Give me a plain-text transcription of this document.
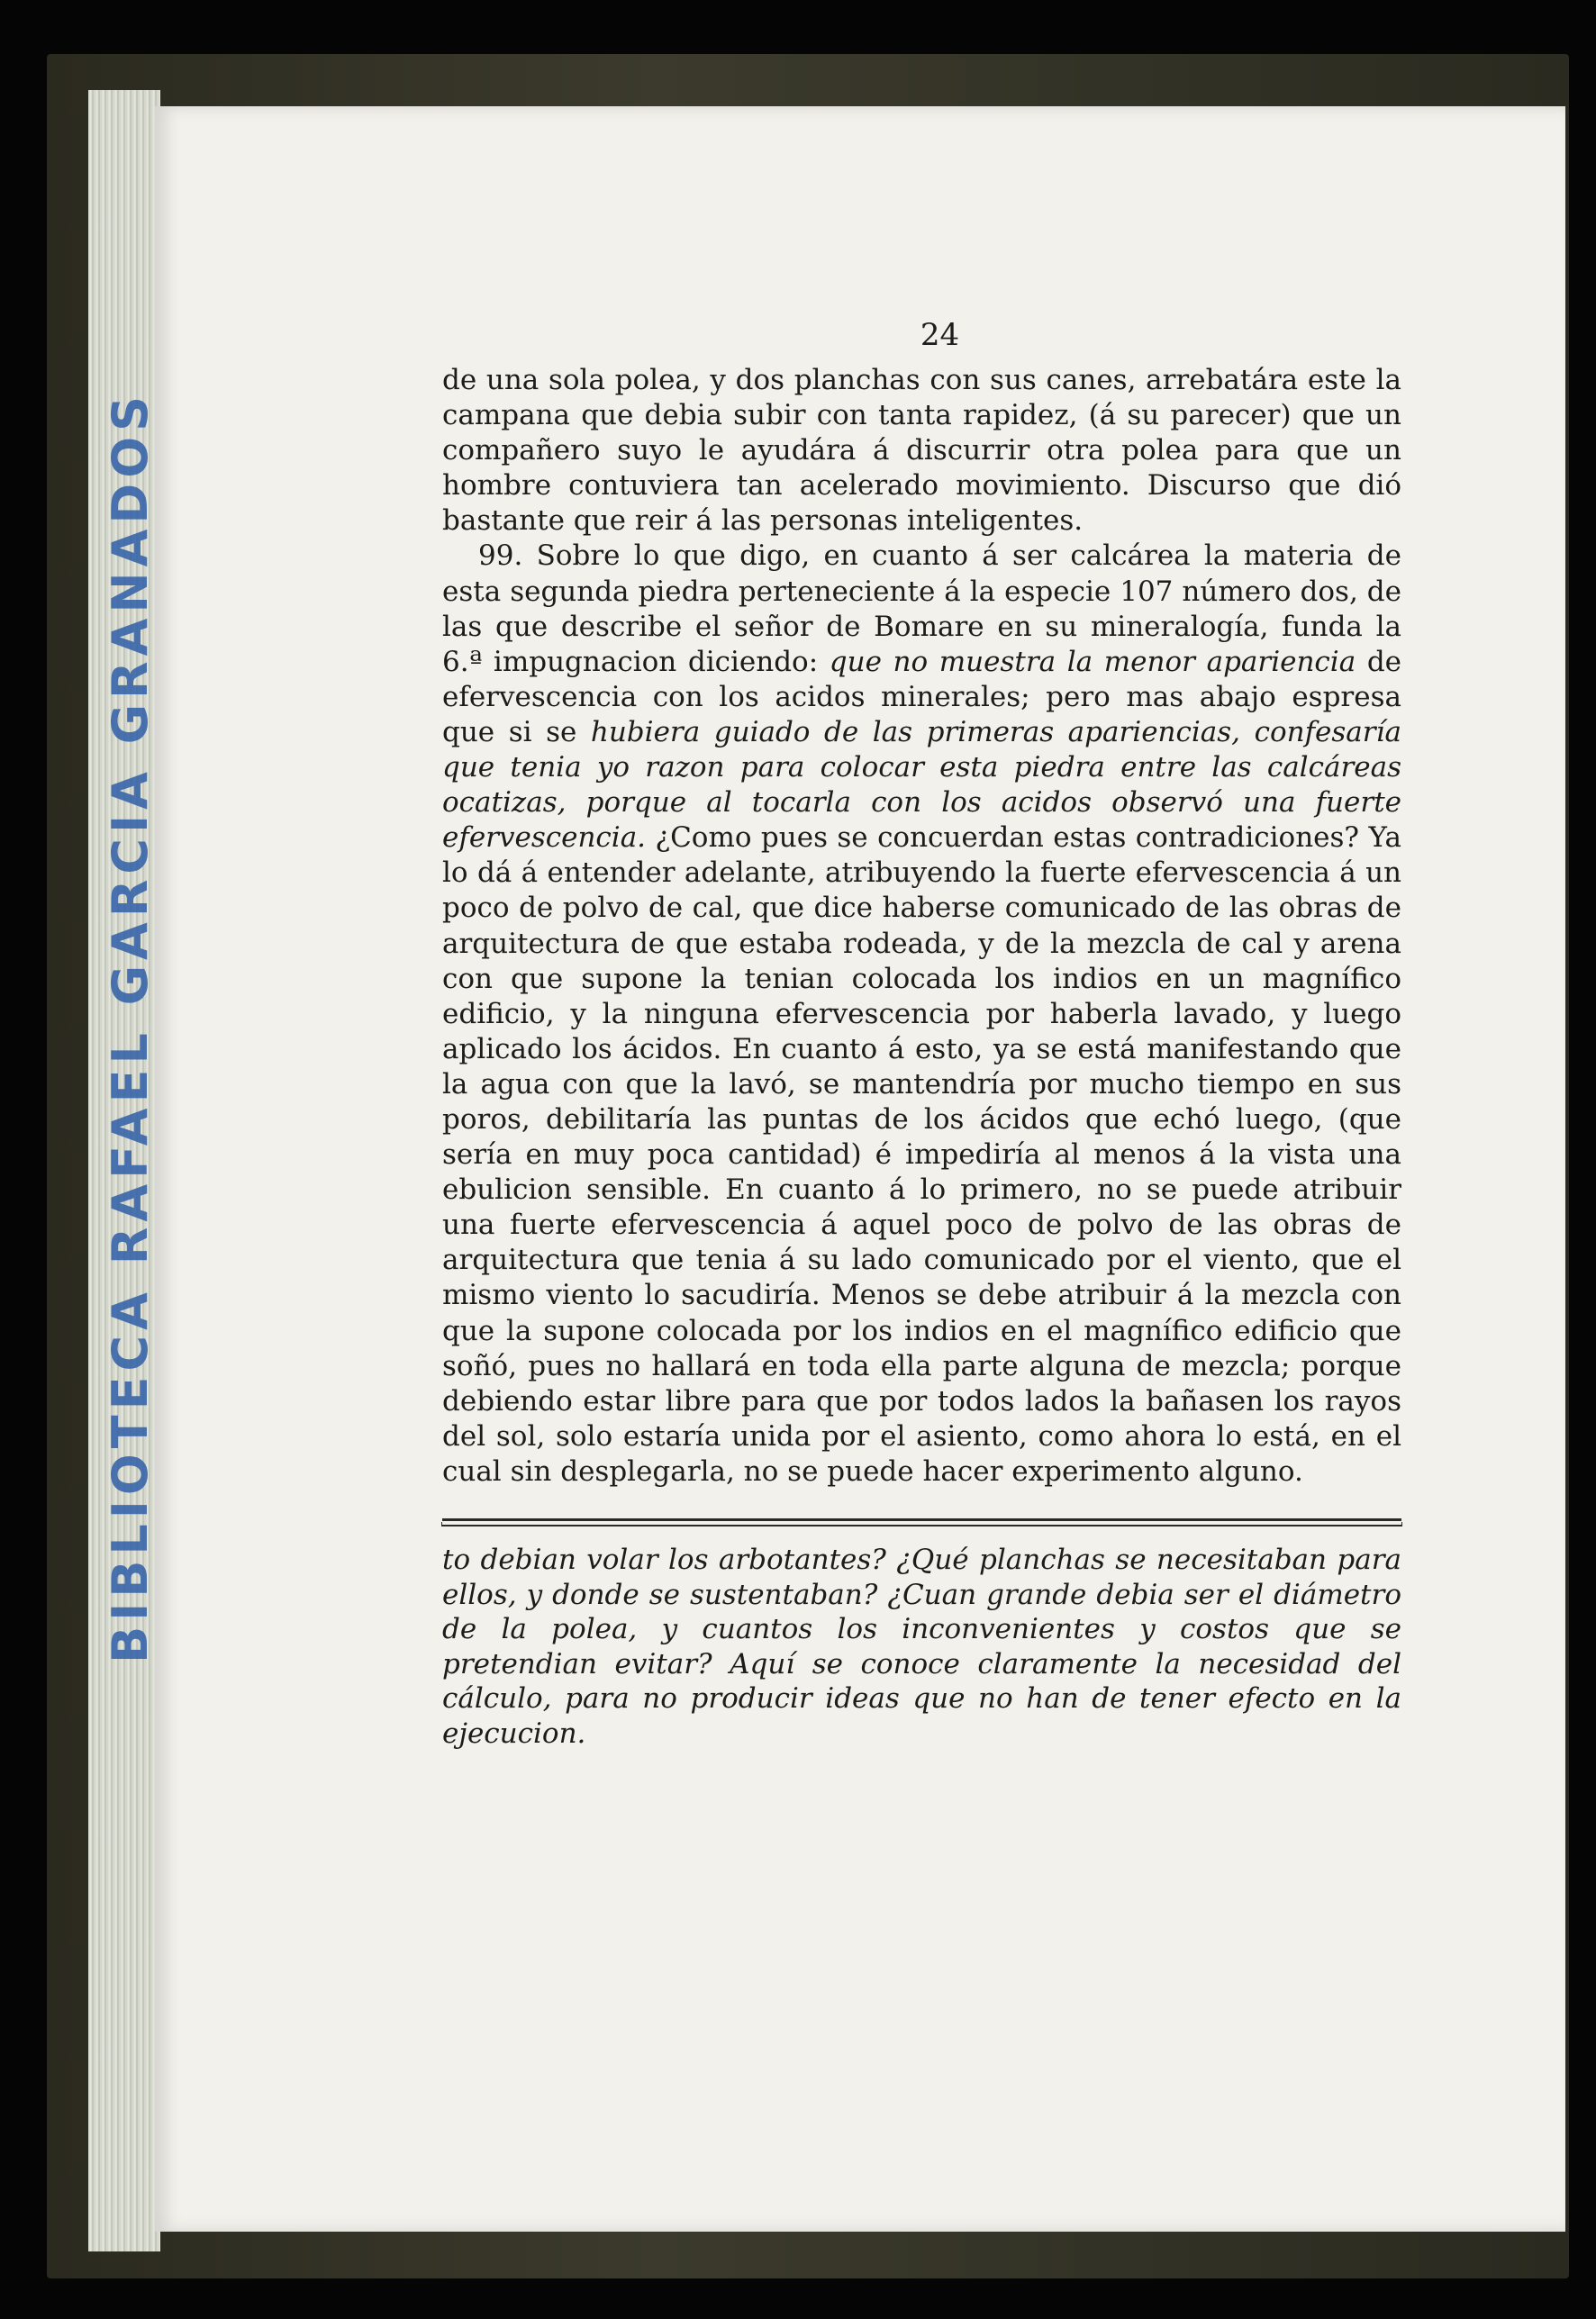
BIBLIOTECA RAFAEL GARCIA GRANADOS
24

de una sola polea, y dos planchas con sus canes, arrebatára este la campana que debia subir con tanta rapidez, (á su parecer) que un compañero suyo le ayudára á discurrir otra polea para que un hombre contuviera tan acelerado movimiento. Discurso que dió bastante que reir á las personas inteligentes.

99. Sobre lo que digo, en cuanto á ser calcárea la materia de esta segunda piedra perteneciente á la especie 107 número dos, de las que describe el señor de Bomare en su mineralogía, funda la 6.ª impugnacion diciendo: que no muestra la menor apariencia de efervescencia con los acidos minerales; pero mas abajo espresa que si se hubiera guiado de las primeras apariencias, confesaría que tenia yo razon para colocar esta piedra entre las calcáreas ocatizas, porque al tocarla con los acidos observó una fuerte efervescencia. ¿Como pues se concuerdan estas contradiciones? Ya lo dá á entender adelante, atribuyendo la fuerte efervescencia á un poco de polvo de cal, que dice haberse comunicado de las obras de arquitectura de que estaba rodeada, y de la mezcla de cal y arena con que supone la tenian colocada los indios en un magnífico edificio, y la ninguna efervescencia por haberla lavado, y luego aplicado los ácidos. En cuanto á esto, ya se está manifestando que la agua con que la lavó, se mantendría por mucho tiempo en sus poros, debilitaría las puntas de los ácidos que echó luego, (que sería en muy poca cantidad) é impediría al menos á la vista una ebulicion sensible. En cuanto á lo primero, no se puede atribuir una fuerte efervescencia á aquel poco de polvo de las obras de arquitectura que tenia á su lado comunicado por el viento, que el mismo viento lo sacudiría. Menos se debe atribuir á la mezcla con que la supone colocada por los indios en el magnífico edificio que soñó, pues no hallará en toda ella parte alguna de mezcla; porque debiendo estar libre para que por todos lados la bañasen los rayos del sol, solo estaría unida por el asiento, como ahora lo está, en el cual sin desplegarla, no se puede hacer experimento alguno.

to debian volar los arbotantes? ¿Qué planchas se necesitaban para ellos, y donde se sustentaban? ¿Cuan grande debia ser el diámetro de la polea, y cuantos los inconvenientes y costos que se pretendian evitar? Aquí se conoce claramente la necesidad del cálculo, para no producir ideas que no han de tener efecto en la ejecucion.
